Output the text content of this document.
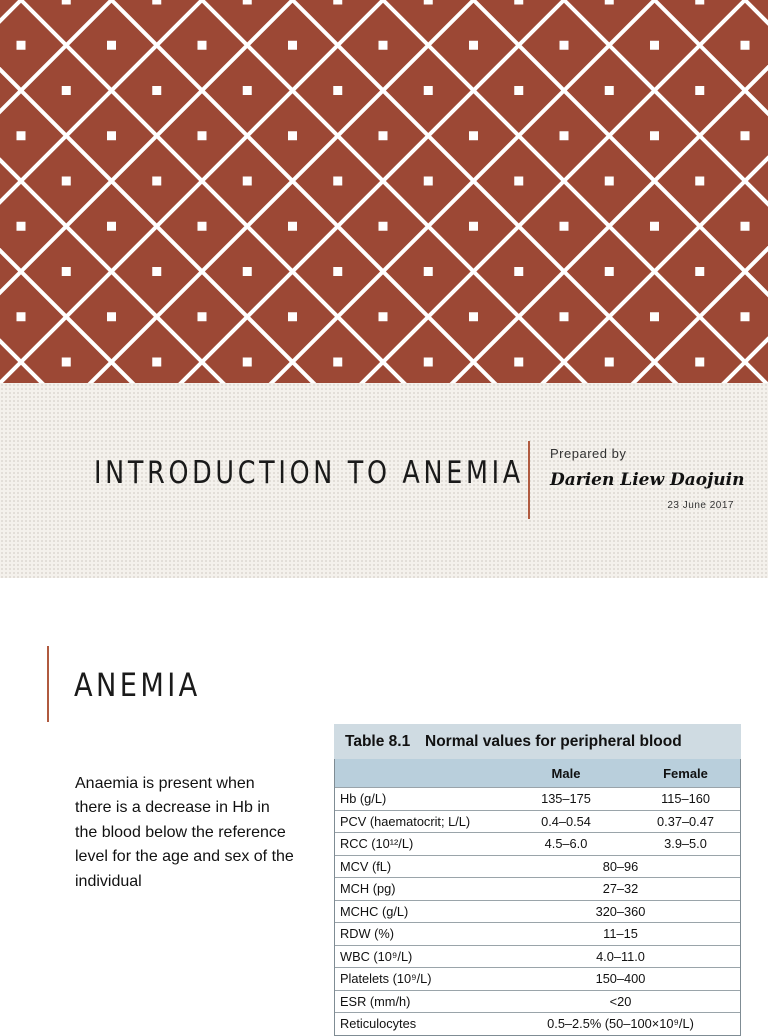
INTRODUCTION TO ANEMIA
Prepared by
Darien Liew Daojuin
23 June 2017
ANEMIA
Anaemia is present when there is a decrease in Hb in the blood below the reference level for the age and sex of the individual
Table 8.1 Normal values for peripheral blood
Male	Female
Hb (g/L)	135–175	115–160
PCV (haematocrit; L/L)	0.4–0.54	0.37–0.47
RCC (10¹²/L)	4.5–6.0	3.9–5.0
MCV (fL)	80–96
MCH (pg)	27–32
MCHC (g/L)	320–360
RDW (%)	11–15
WBC (10⁹/L)	4.0–11.0
Platelets (10⁹/L)	150–400
ESR (mm/h)	<20
Reticulocytes	0.5–2.5% (50–100×10⁹/L)
